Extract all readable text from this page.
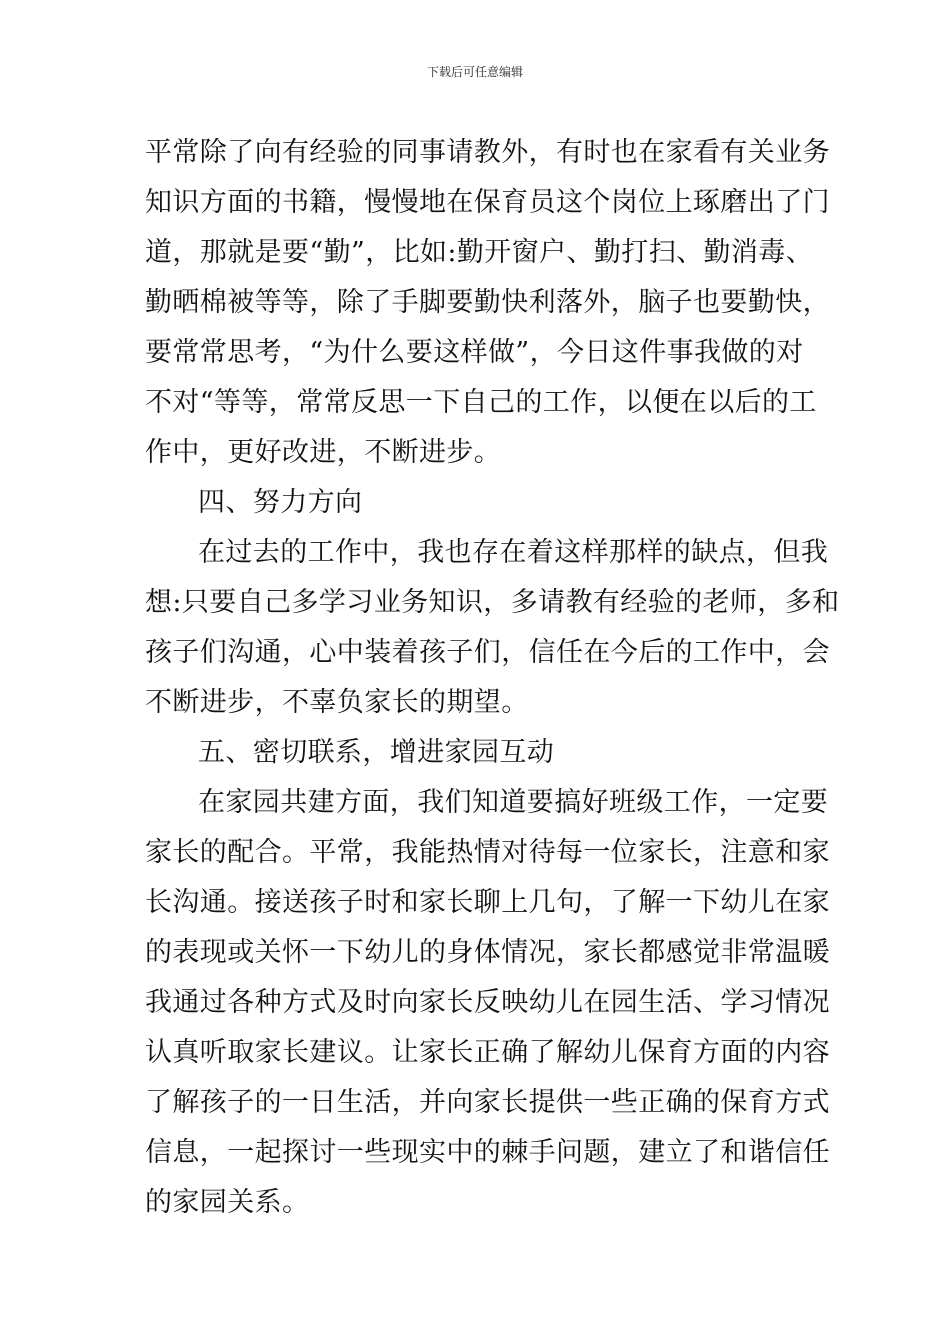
下载后可任意编辑
平常除了向有经验的同事请教外，有时也在家看有关业务
知识方面的书籍，慢慢地在保育员这个岗位上琢磨出了门
道，那就是要“勤”，比如:勤开窗户、勤打扫、勤消毒、
勤晒棉被等等，除了手脚要勤快利落外，脑子也要勤快，
要常常思考，“为什么要这样做”，今日这件事我做的对
不对“等等，常常反思一下自己的工作，以便在以后的工
作中，更好改进，不断进步。
四、努力方向
在过去的工作中，我也存在着这样那样的缺点，但我
想:只要自己多学习业务知识，多请教有经验的老师，多和
孩子们沟通，心中装着孩子们，信任在今后的工作中，会
不断进步，不辜负家长的期望。
五、密切联系，增进家园互动
在家园共建方面，我们知道要搞好班级工作，一定要
家长的配合。平常，我能热情对待每一位家长，注意和家
长沟通。接送孩子时和家长聊上几句，了解一下幼儿在家
的表现或关怀一下幼儿的身体情况，家长都感觉非常温暖
我通过各种方式及时向家长反映幼儿在园生活、学习情况
认真听取家长建议。让家长正确了解幼儿保育方面的内容
了解孩子的一日生活，并向家长提供一些正确的保育方式
信息，一起探讨一些现实中的棘手问题，建立了和谐信任
的家园关系。
